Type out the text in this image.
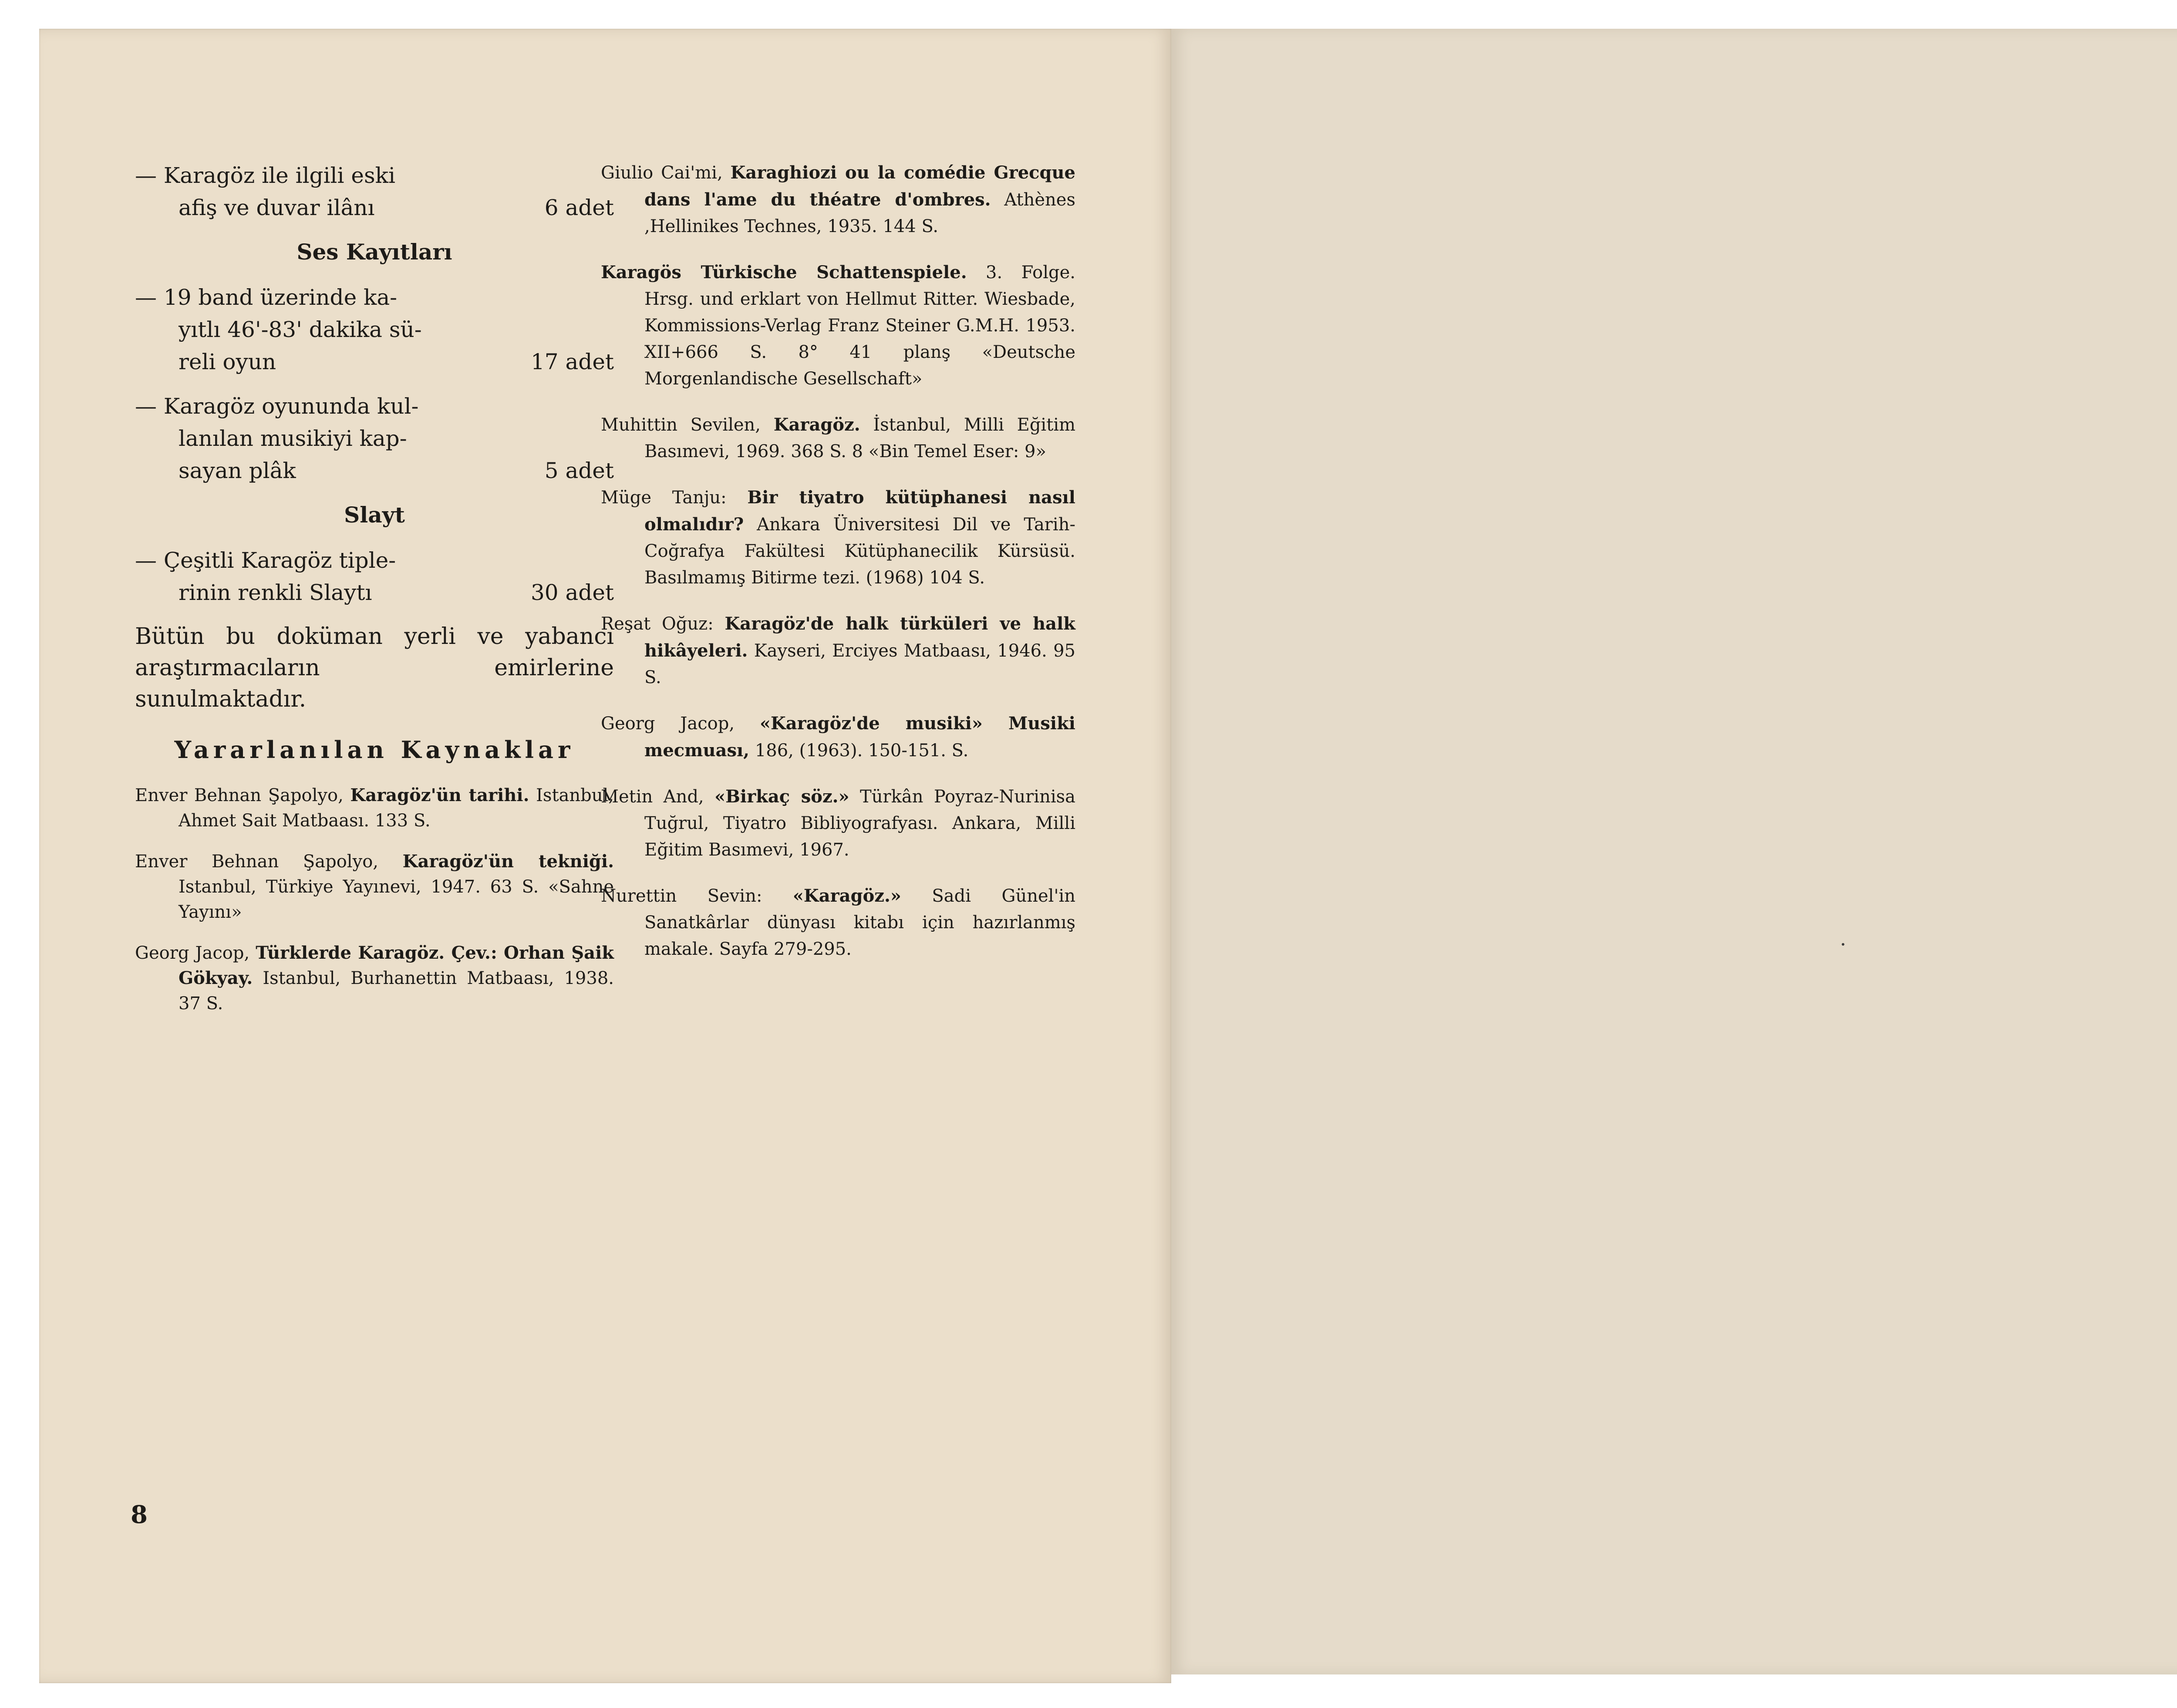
— Karagöz ile ilgili eski
afiş ve duvar ilânı	6 adet
Ses Kayıtları
— 19 band üzerinde ka-
yıtlı 46'-83' dakika sü-
reli oyun	17 adet
— Karagöz oyununda kul-
lanılan musikiyi kap-
sayan plâk	5 adet
Slayt
— Çeşitli Karagöz tiple-
rinin renkli Slaytı	30 adet
Bütün bu doküman yerli ve yabancı araştırmacıların emirlerine sunulmaktadır.
Yararlanılan Kaynaklar
Enver Behnan Şapolyo, Karagöz'ün tarihi. Istanbul, Ahmet Sait Matbaası. 133 S.
Enver Behnan Şapolyo, Karagöz'ün tekniği. Istanbul, Türkiye Yayınevi, 1947. 63 S. «Sahne Yayını»
Georg Jacop, Türklerde Karagöz. Çev.: Orhan Şaik Gökyay. Istanbul, Burhanettin Matbaası, 1938. 37 S.
Giulio Cai'mi, Karaghiozi ou la comédie Grecque dans l'ame du théatre d'ombres. Athènes ,Hellinikes Technes, 1935. 144 S.
Karagös Türkische Schattenspiele. 3. Folge. Hrsg. und erklart von Hellmut Ritter. Wiesbade, Kommissions-Verlag Franz Steiner G.M.H. 1953. XII+666 S. 8° 41 planş «Deutsche Morgenlandische Gesellschaft»
Muhittin Sevilen, Karagöz. İstanbul, Milli Eğitim Basımevi, 1969. 368 S. 8 «Bin Temel Eser: 9»
Müge Tanju: Bir tiyatro kütüphanesi nasıl olmalıdır? Ankara Üniversitesi Dil ve Tarih-Coğrafya Fakültesi Kütüphanecilik Kürsüsü. Basılmamış Bitirme tezi. (1968) 104 S.
Reşat Oğuz: Karagöz'de halk türküleri ve halk hikâyeleri. Kayseri, Erciyes Matbaası, 1946. 95 S.
Georg Jacop, «Karagöz'de musiki» Musiki mecmuası, 186, (1963). 150-151. S.
Metin And, «Birkaç söz.» Türkân Poyraz-Nurinisa Tuğrul, Tiyatro Bibliyografyası. Ankara, Milli Eğitim Basımevi, 1967.
Nurettin Sevin: «Karagöz.» Sadi Günel'in Sanatkârlar dünyası kitabı için hazırlanmış makale. Sayfa 279-295.
8
